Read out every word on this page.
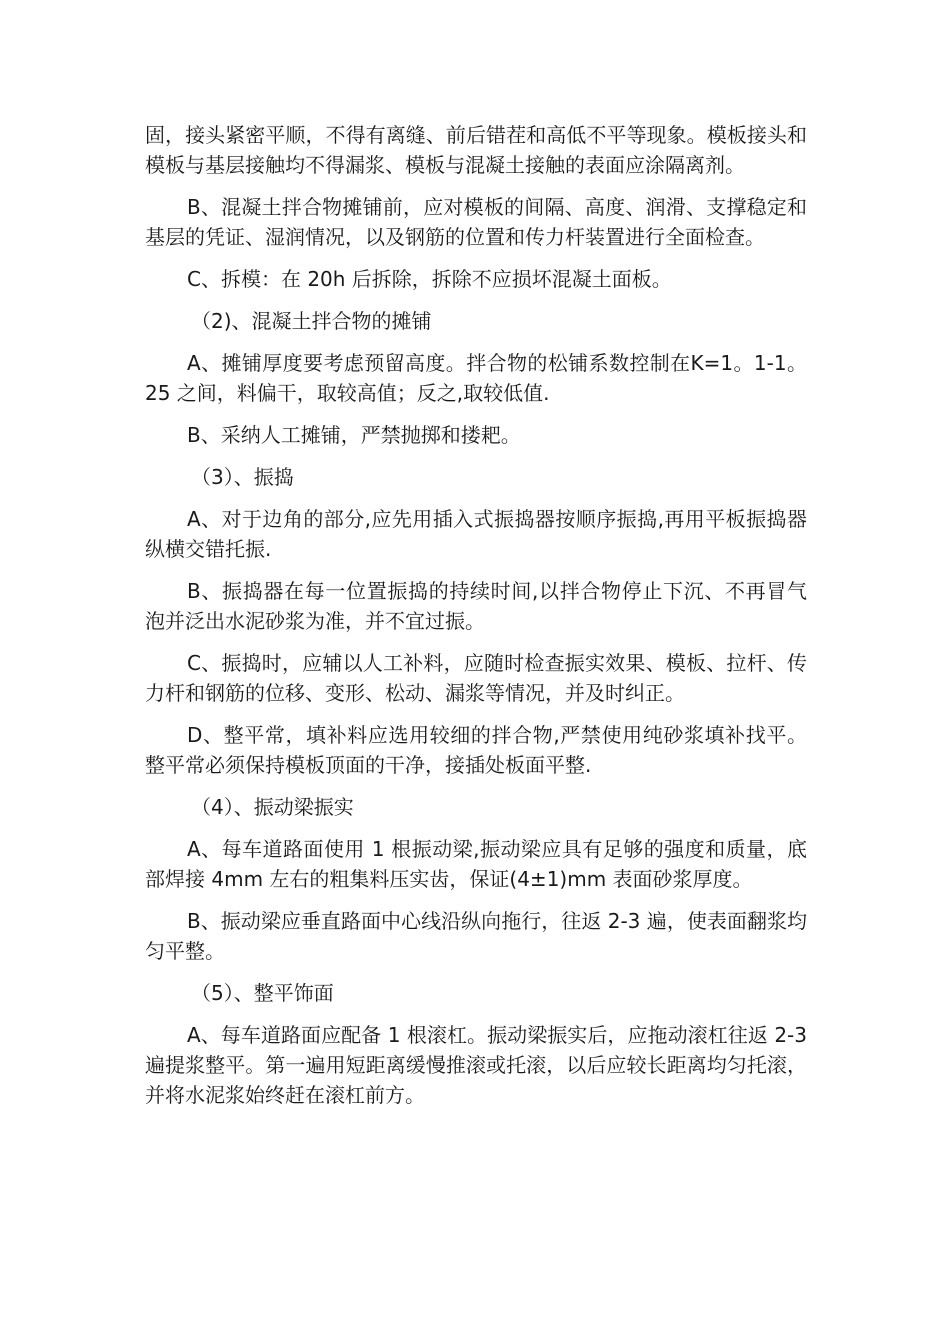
固，接头紧密平顺，不得有离缝、前后错茬和高低不平等现象。模板接头和模板与基层接触均不得漏浆、模板与混凝土接触的表面应涂隔离剂。

B、混凝土拌合物摊铺前，应对模板的间隔、高度、润滑、支撑稳定和基层的凭证、湿润情况，以及钢筋的位置和传力杆装置进行全面检查。

C、拆模：在 20h 后拆除，拆除不应损坏混凝土面板。

（2)、混凝土拌合物的摊铺

A、摊铺厚度要考虑预留高度。拌合物的松铺系数控制在K=1。1-1。25 之间，料偏干，取较高值；反之,取较低值.

B、采纳人工摊铺，严禁抛掷和搂耙。

（3）、振捣

A、对于边角的部分,应先用插入式振捣器按顺序振捣,再用平板振捣器纵横交错托振.

B、振捣器在每一位置振捣的持续时间,以拌合物停止下沉、不再冒气泡并泛出水泥砂浆为准，并不宜过振。

C、振捣时，应辅以人工补料，应随时检查振实效果、模板、拉杆、传力杆和钢筋的位移、变形、松动、漏浆等情况，并及时纠正。

D、整平常，填补料应选用较细的拌合物,严禁使用纯砂浆填补找平。整平常必须保持模板顶面的干净，接插处板面平整.

（4）、振动梁振实

A、每车道路面使用 1 根振动梁,振动梁应具有足够的强度和质量，底部焊接 4mm 左右的粗集料压实齿，保证(4±1)mm 表面砂浆厚度。

B、振动梁应垂直路面中心线沿纵向拖行，往返 2-3 遍，使表面翻浆均匀平整。

（5）、整平饰面

A、每车道路面应配备 1 根滚杠。振动梁振实后，应拖动滚杠往返 2-3 遍提浆整平。第一遍用短距离缓慢推滚或托滚，以后应较长距离均匀托滚，并将水泥浆始终赶在滚杠前方。
